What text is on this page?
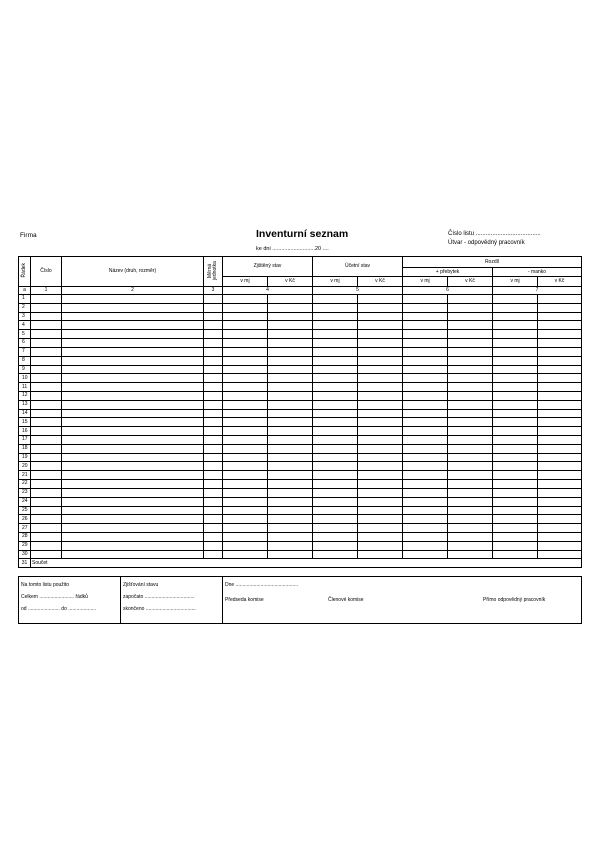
Firma	Inventurní seznam	Číslo listu .......................................
Útvar - odpovědný pracovník
ke dni ............................20 ....
Řádek	Číslo	Název (druh, rozměr)	Měrná jednotka	Zjištěný stav		Účetní stav		Rozdíl			
								+ přebytek		- manko	
				v mj	v Kč	v mj	v Kč	v mj	v Kč	v mj	v Kč
a	1	2	3	4		5		6		7	
1											
2											
3											
4											
5											
6											
7											
8											
9											
10											
11											
12											
13											
14											
15											
16											
17											
18											
19											
20											
21											
22											
23											
24											
25											
26											
27											
28											
29											
30											
31	Součet										
Na tomto listu použito
Celkem ......................... řádků
od ....................... do ....................

Zjišťování stavu
započato ....................................
skončeno ....................................

Dne .............................................
Předseda komise	Členové komise	Přímo odpovědný pracovník
